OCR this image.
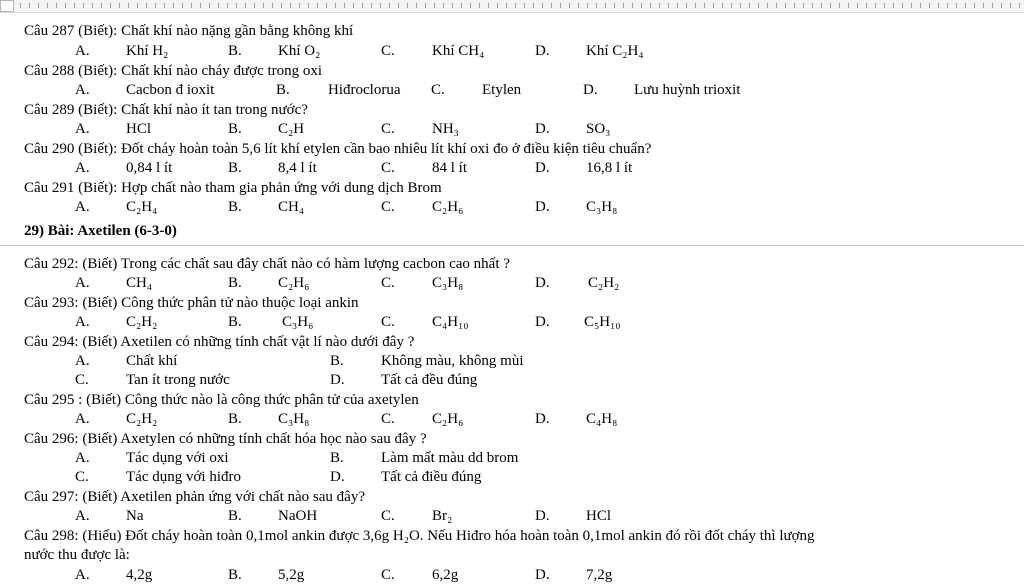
Câu 287 (Biết): Chất khí nào nặng gần bằng không khí
A. Khí H₂	B. Khí O₂	C. Khí CH₄	D. Khí C₂H₄
Câu 288 (Biết): Chất khí nào cháy được trong oxi
A. Cacbon đ ioxit	B.	Hiđroclorua C. Etylen	D. Lưu huỳnh trioxit
Câu 289 (Biết): Chất khí nào ít tan trong nước?
A. HCl	B. C₂H	C. NH₃	D. SO₃
Câu 290 (Biết): Đốt cháy hoàn toàn 5,6 lít khí etylen cần bao nhiêu lít khí oxi đo ở điều kiện tiêu chuẩn?
A. 0,84 l ít	B. 8,4 l ít	C. 84 l ít	D. 16,8 l ít
Câu 291 (Biết): Hợp chất nào tham gia phản ứng với dung dịch Brom
A. C₂H₄	B. CH₄	C. C₂H₆	D. C₃H₈
29) Bài: Axetilen (6-3-0)
Câu 292: (Biết) Trong các chất sau đây chất nào có hàm lượng cacbon cao nhất ?
A. CH₄	B. C₂H₆	C. C₃H₈	D.	C₂H₂
Câu 293: (Biết) Công thức phân tử nào thuộc loại ankin
A. C₂H₂	B.	C₃H₆	C. C₄H₁₀	D. C₅H₁₀
Câu 294: (Biết) Axetilen có những tính chất vật lí nào dưới đây ?
A. Chất khí	B. Không màu, không mùi
C. Tan ít trong nước	D. Tất cả đều đúng
Câu 295 : (Biết) Công thức nào là công thức phân tử của axetylen
A. C₂H₂	B. C₃H₈	C. C₂H₆	D. C₄H₈
Câu 296: (Biết) Axetylen có những tính chất hóa học nào sau đây ?
A. Tác dụng với oxi	B. Làm mất màu dd brom
C. Tác dụng với hiđro	D. Tất cả điều đúng
Câu 297: (Biết) Axetilen phản ứng với chất nào sau đây?
A. Na	B. NaOH	C. Br₂	D. HCl
Câu 298: (Hiểu) Đốt cháy hoàn toàn 0,1mol ankin được 3,6g H₂O. Nếu Hiđro hóa hoàn toàn 0,1mol ankin đó rồi đốt cháy thì lượng
nước thu được là:
A. 4,2g	B. 5,2g	C. 6,2g	D. 7,2g
